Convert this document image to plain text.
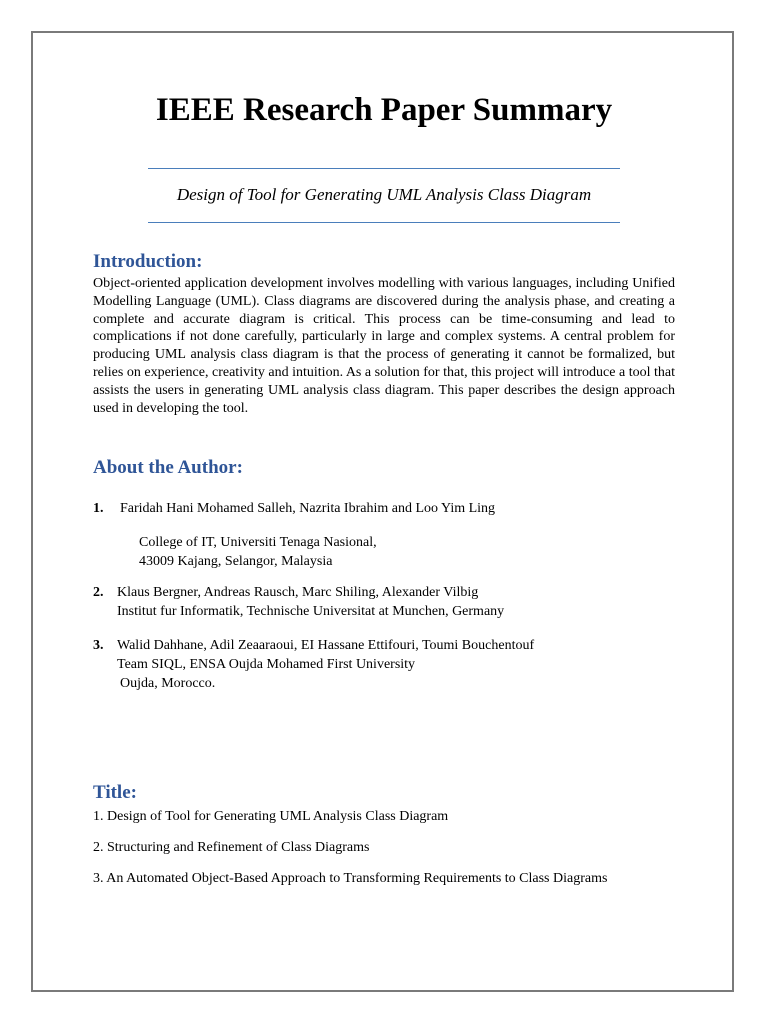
IEEE Research Paper Summary
Design of Tool for Generating UML Analysis Class Diagram
Introduction:
Object-oriented application development involves modelling with various languages, including Unified Modelling Language (UML). Class diagrams are discovered during the analysis phase, and creating a complete and accurate diagram is critical. This process can be time-consuming and lead to complications if not done carefully, particularly in large and complex systems. A central problem for producing UML analysis class diagram is that the process of generating it cannot be formalized, but relies on experience, creativity and intuition. As a solution for that, this project will introduce a tool that assists the users in generating UML analysis class diagram. This paper describes the design approach used in developing the tool.
About the Author:
1. Faridah Hani Mohamed Salleh, Nazrita Ibrahim and Loo Yim Ling
College of IT, Universiti Tenaga Nasional,
43009 Kajang, Selangor, Malaysia
2. Klaus Bergner, Andreas Rausch, Marc Shiling, Alexander Vilbig
Institut fur Informatik, Technische Universitat at Munchen, Germany
3. Walid Dahhane, Adil Zeaaraoui, EI Hassane Ettifouri, Toumi Bouchentouf
Team SIQL, ENSA Oujda Mohamed First University
Oujda, Morocco.
Title:
1. Design of Tool for Generating UML Analysis Class Diagram
2. Structuring and Refinement of Class Diagrams
3. An Automated Object-Based Approach to Transforming Requirements to Class Diagrams
